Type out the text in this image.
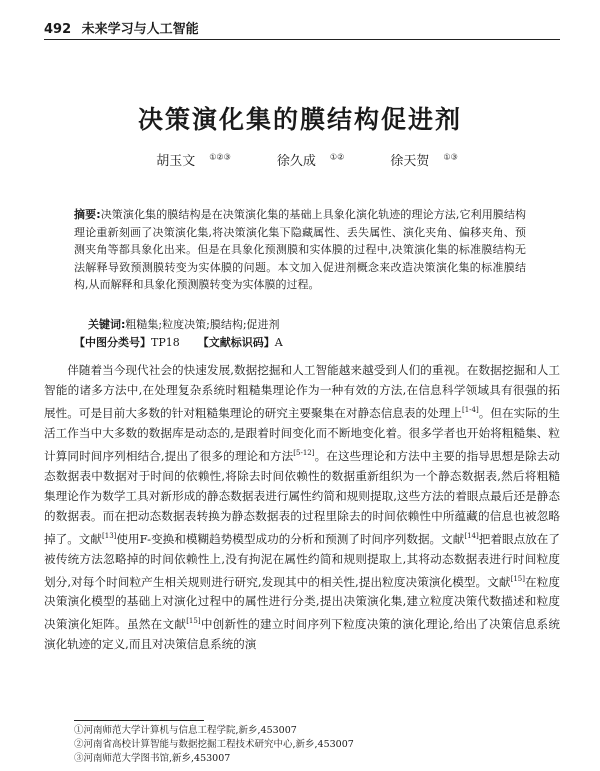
492 未来学习与人工智能
决策演化集的膜结构促进剂
胡玉文 ①②③	徐久成 ①②	徐天贺 ①③
摘要:决策演化集的膜结构是在决策演化集的基础上具象化演化轨迹的理论方法,它利用膜结构理论重新刻画了决策演化集,将决策演化集下隐藏属性、丢失属性、演化夹角、偏移夹角、预测夹角等都具象化出来。但是在具象化预测膜和实体膜的过程中,决策演化集的标准膜结构无法解释导致预测膜转变为实体膜的问题。本文加入促进剂概念来改造决策演化集的标准膜结构,从而解释和具象化预测膜转变为实体膜的过程。
关键词:粗糙集;粒度决策;膜结构;促进剂
【中图分类号】TP18 【文献标识码】A
伴随着当今现代社会的快速发展,数据挖掘和人工智能越来越受到人们的重视。在数据挖掘和人工智能的诸多方法中,在处理复杂系统时粗糙集理论作为一种有效的方法,在信息科学领域具有很强的拓展性。可是目前大多数的针对粗糙集理论的研究主要聚集在对静态信息表的处理上[1-4]。但在实际的生活工作当中大多数的数据库是动态的,是跟着时间变化而不断地变化着。很多学者也开始将粗糙集、粒计算同时间序列相结合,提出了很多的理论和方法[5-12]。在这些理论和方法中主要的指导思想是除去动态数据表中数据对于时间的依赖性,将除去时间依赖性的数据重新组织为一个静态数据表,然后将粗糙集理论作为数学工具对新形成的静态数据表进行属性约简和规则提取,这些方法的着眼点最后还是静态的数据表。而在把动态数据表转换为静态数据表的过程里除去的时间依赖性中所蕴藏的信息也被忽略掉了。文献[13]使用F-变换和模糊趋势模型成功的分析和预测了时间序列数据。文献[14]把着眼点放在了被传统方法忽略掉的时间依赖性上,没有拘泥在属性约简和规则提取上,其将动态数据表进行时间粒度划分,对每个时间粒产生相关规则进行研究,发现其中的相关性,提出粒度决策演化模型。文献[15]在粒度决策演化模型的基础上对演化过程中的属性进行分类,提出决策演化集,建立粒度决策代数描述和粒度决策演化矩阵。虽然在文献[15]中创新性的建立时间序列下粒度决策的演化理论,给出了决策信息系统演化轨迹的定义,而且对决策信息系统的演
①河南师范大学计算机与信息工程学院,新乡,453007
②河南省高校计算智能与数据挖掘工程技术研究中心,新乡,453007
③河南师范大学图书馆,新乡,453007
